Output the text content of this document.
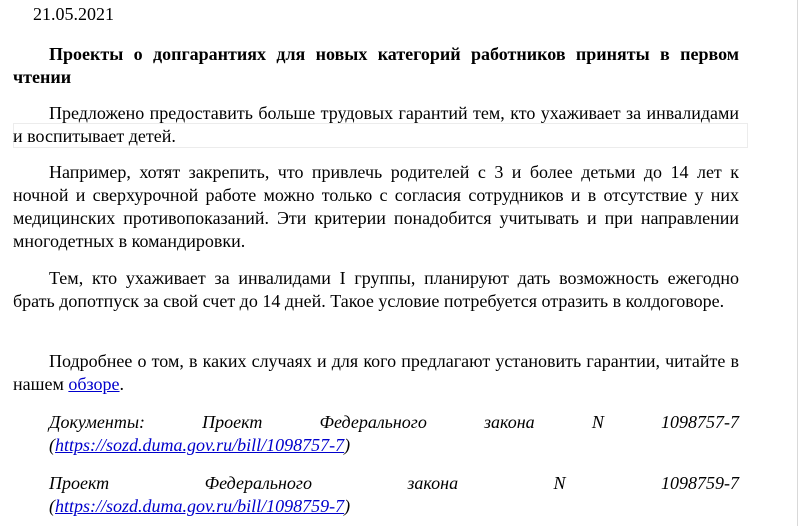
21.05.2021

Проекты о допгарантиях для новых категорий работников приняты в первом чтении

Предложено предоставить больше трудовых гарантий тем, кто ухаживает за инвалидами и воспитывает детей.

Например, хотят закрепить, что привлечь родителей с 3 и более детьми до 14 лет к ночной и сверхурочной работе можно только с согласия сотрудников и в отсутствие у них медицинских противопоказаний. Эти критерии понадобится учитывать и при направлении многодетных в командировки.

Тем, кто ухаживает за инвалидами I группы, планируют дать возможность ежегодно брать допотпуск за свой счет до 14 дней. Такое условие потребуется отразить в колдоговоре.

Подробнее о том, в каких случаях и для кого предлагают установить гарантии, читайте в нашем обзоре.

Документы: Проект Федерального закона N 1098757-7
(https://sozd.duma.gov.ru/bill/1098757-7)

Проект Федерального закона N 1098759-7
(https://sozd.duma.gov.ru/bill/1098759-7)
